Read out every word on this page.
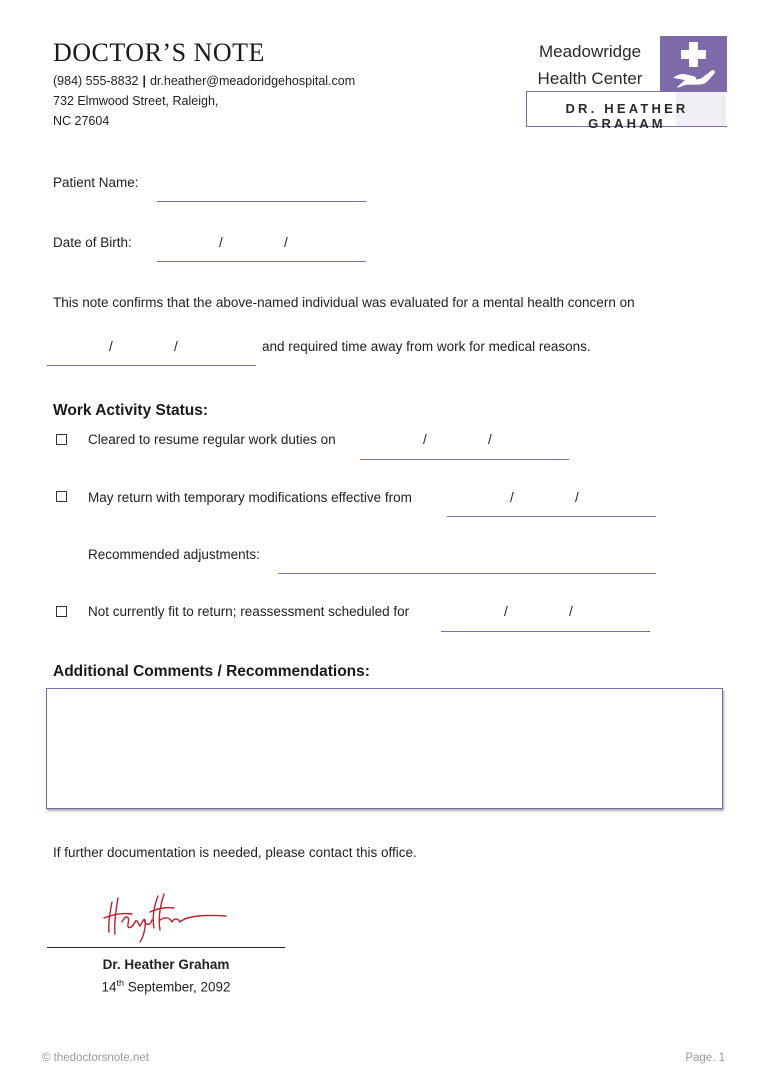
DOCTOR’S NOTE
(984) 555-8832 | dr.heather@meadoridgehospital.com
732 Elmwood Street, Raleigh,
NC 27604
Meadowridge
Health Center
DR. HEATHER GRAHAM
Patient Name:
Date of Birth:	/	/
This note confirms that the above-named individual was evaluated for a mental health concern on
/	/	and required time away from work for medical reasons.
Work Activity Status:
Cleared to resume regular work duties on	/	/
May return with temporary modifications effective from	/	/
Recommended adjustments:
Not currently fit to return; reassessment scheduled for	/	/
Additional Comments / Recommendations:
If further documentation is needed, please contact this office.
Dr. Heather Graham
14th September, 2092
© thedoctorsnote.net	Page. 1
